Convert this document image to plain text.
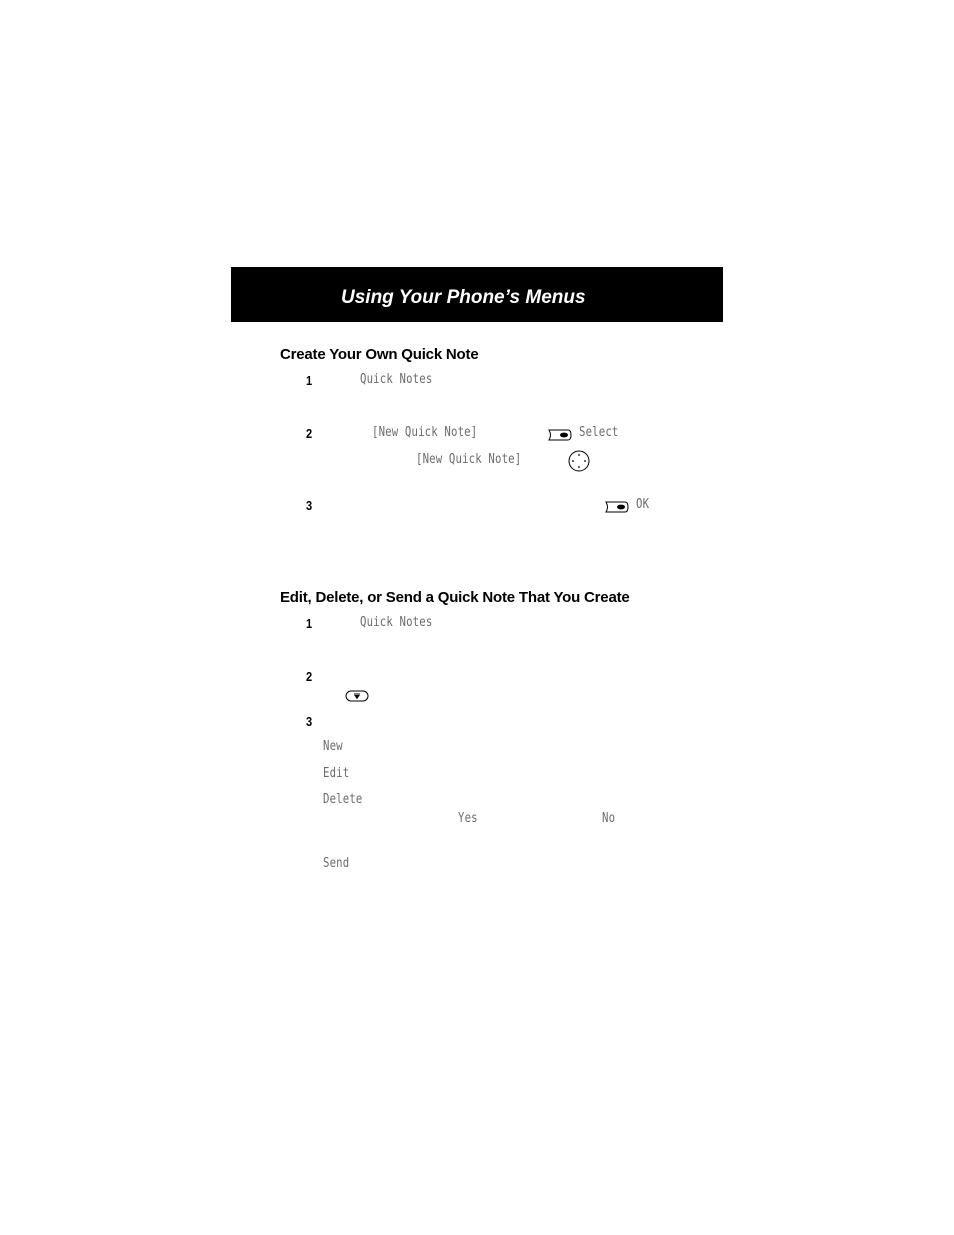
Using Your Phone’s Menus
Create Your Own Quick Note
1	Quick Notes
2	[New Quick Note]	Select
[New Quick Note]
3	OK
Edit, Delete, or Send a Quick Note That You Create
1	Quick Notes
2
3
New
Edit
Delete
Yes	No
Send
